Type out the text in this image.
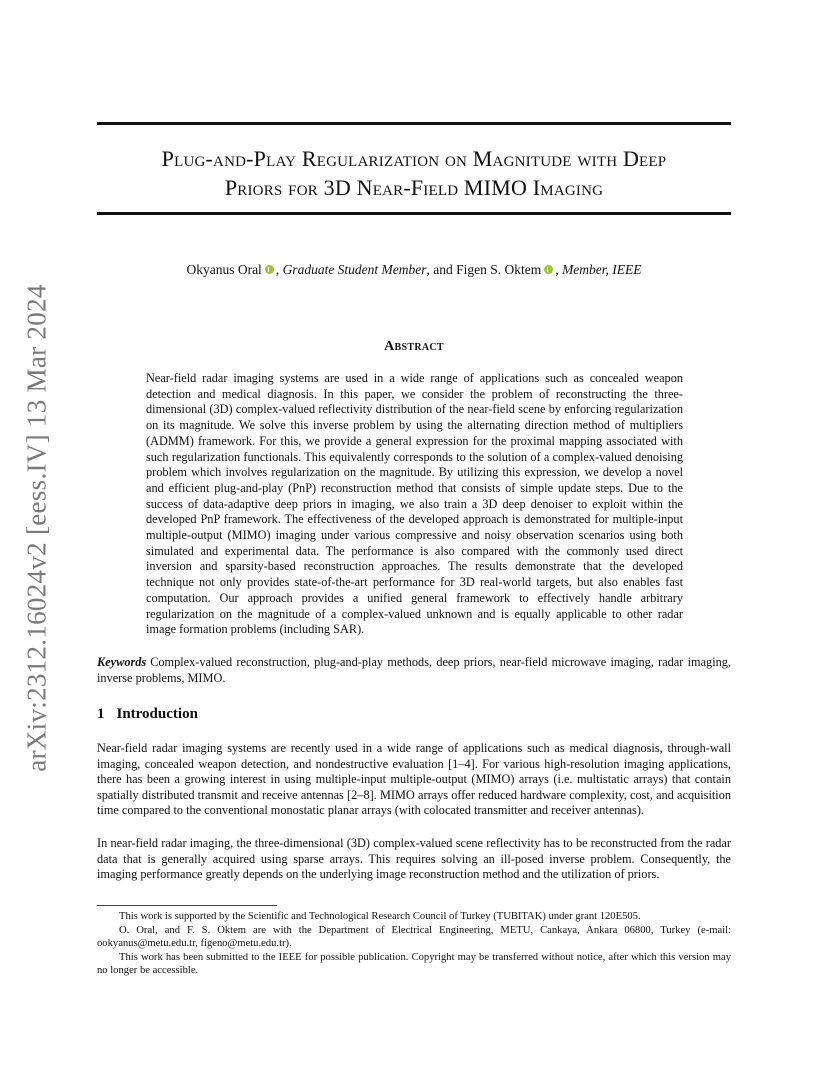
arXiv:2312.16024v2 [eess.IV] 13 Mar 2024
Plug-and-Play Regularization on Magnitude with Deep
Priors for 3D Near-Field MIMO Imaging
Okyanus Oral , Graduate Student Member, and Figen S. Oktem , Member, IEEE
Abstract

Near-field radar imaging systems are used in a wide range of applications such as concealed weapon detection and medical diagnosis. In this paper, we consider the problem of reconstructing the three-dimensional (3D) complex-valued reflectivity distribution of the near-field scene by enforcing regularization on its magnitude. We solve this inverse problem by using the alternating direction method of multipliers (ADMM) framework. For this, we provide a general expression for the proximal mapping associated with such regularization functionals. This equivalently corresponds to the solution of a complex-valued denoising problem which involves regularization on the magnitude. By utilizing this expression, we develop a novel and efficient plug-and-play (PnP) reconstruction method that consists of simple update steps. Due to the success of data-adaptive deep priors in imaging, we also train a 3D deep denoiser to exploit within the developed PnP framework. The effectiveness of the developed approach is demonstrated for multiple-input multiple-output (MIMO) imaging under various compressive and noisy observation scenarios using both simulated and experimental data. The performance is also compared with the commonly used direct inversion and sparsity-based reconstruction approaches. The results demonstrate that the developed technique not only provides state-of-the-art performance for 3D real-world targets, but also enables fast computation. Our approach provides a unified general framework to effectively handle arbitrary regularization on the magnitude of a complex-valued unknown and is equally applicable to other radar image formation problems (including SAR).

Keywords Complex-valued reconstruction, plug-and-play methods, deep priors, near-field microwave imaging, radar imaging, inverse problems, MIMO.

1 Introduction

Near-field radar imaging systems are recently used in a wide range of applications such as medical diagnosis, through-wall imaging, concealed weapon detection, and nondestructive evaluation [1–4]. For various high-resolution imaging applications, there has been a growing interest in using multiple-input multiple-output (MIMO) arrays (i.e. multistatic arrays) that contain spatially distributed transmit and receive antennas [2–8]. MIMO arrays offer reduced hardware complexity, cost, and acquisition time compared to the conventional monostatic planar arrays (with colocated transmitter and receiver antennas).

In near-field radar imaging, the three-dimensional (3D) complex-valued scene reflectivity has to be reconstructed from the radar data that is generally acquired using sparse arrays. This requires solving an ill-posed inverse problem. Consequently, the imaging performance greatly depends on the underlying image reconstruction method and the utilization of priors.

This work is supported by the Scientific and Technological Research Council of Turkey (TUBITAK) under grant 120E505.

O. Oral, and F. S. Oktem are with the Department of Electrical Engineering, METU, Cankaya, Ankara 06800, Turkey (e-mail: ookyanus@metu.edu.tr, figeno@metu.edu.tr).

This work has been submitted to the IEEE for possible publication. Copyright may be transferred without notice, after which this version may no longer be accessible.
